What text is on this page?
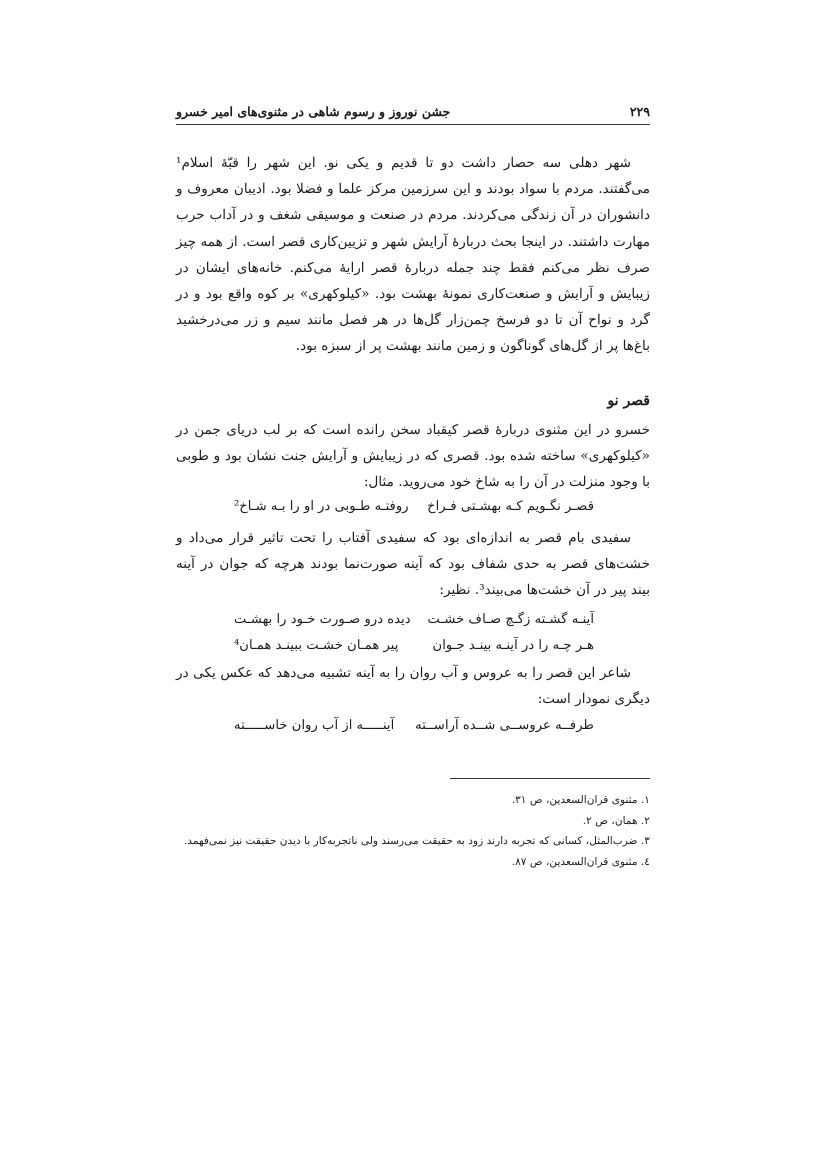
۲۲۹
جشن نوروز و رسوم شاهی در مثنوی‌های امیر خسرو

شهر دهلی سه حصار داشت دو تا قدیم و یکی نو. این شهر را قبّهٔ اسلام¹ می‌گفتند. مردم با سواد بودند و این سرزمین مرکز علما و فضلا بود. ادیبان معروف و دانشوران در آن زندگی می‌کردند. مردم در صنعت و موسیقی شغف و در آداب حرب مهارت داشتند. در اینجا بحث دربارهٔ آرایش شهر و تزیین‌کاری قصر است. از همه چیز صرف نظر می‌کنم فقط چند جمله دربارهٔ قصر ارایهٔ می‌کنم. خانه‌های ایشان در زیبایش و آرایش و صنعت‌کاری نمونهٔ بهشت بود. «کیلوکهری» بر کوه واقع بود و در گرد و نواح آن تا دو فرسخ چمن‌زار گل‌ها در هر فصل مانند سیم و زر می‌درخشید باغ‌ها پر از گل‌های گوناگون و زمین مانند بهشت پر از سبزه بود.

قصر نو

خسرو در این مثنوی دربارهٔ قصر کیقباد سخن رانده است که بر لب دریای جمن در «کیلوکهری» ساخته شده بود. قصری که در زیبایش و آرایش جنت نشان بود و طوبی با وجود منزلت در آن را به شاخ خود می‌روید. مثال:

قصـر نگـویم کـه بهشـتی فـراخ
روفتـه طـوبی در او را بـه شـاخ²

سفیدی بام قصر به اندازه‌ای بود که سفیدی آفتاب را تحت تاثیر قرار می‌داد و خشت‌های قصر به حدی شفاف بود که آینه صورت‌نما بودند هرچه که جوان در آینه بیند پیر در آن خشت‌ها می‌بیند³. نظیر:

آینـه گشـته زگـچ صـاف خشـت
دیده درو صـورت خـود را بهشـت
هـر چـه را در آینـه بینـد جـوان
پیر همـان خشـت ببینـد همـان⁴

شاعر این قصر را به عروس و آب روان را به آینه تشبیه می‌دهد که عکس یکی در دیگری نمودار است:

طرفــه عروســی شــده آراســته
آینـــــه از آب روان خاســـــته

۱. مثنوی قران‌السعدین، ص ۳۱.

۲. همان، ص ۲.

۳. ضرب‌المثل، کسانی که تجربه دارند زود به حقیقت می‌رسند ولی ناتجربه‌کار با دیدن حقیقت نیز نمی‌فهمد.

٤. مثنوی قران‌السعدین، ص ۸۷.
